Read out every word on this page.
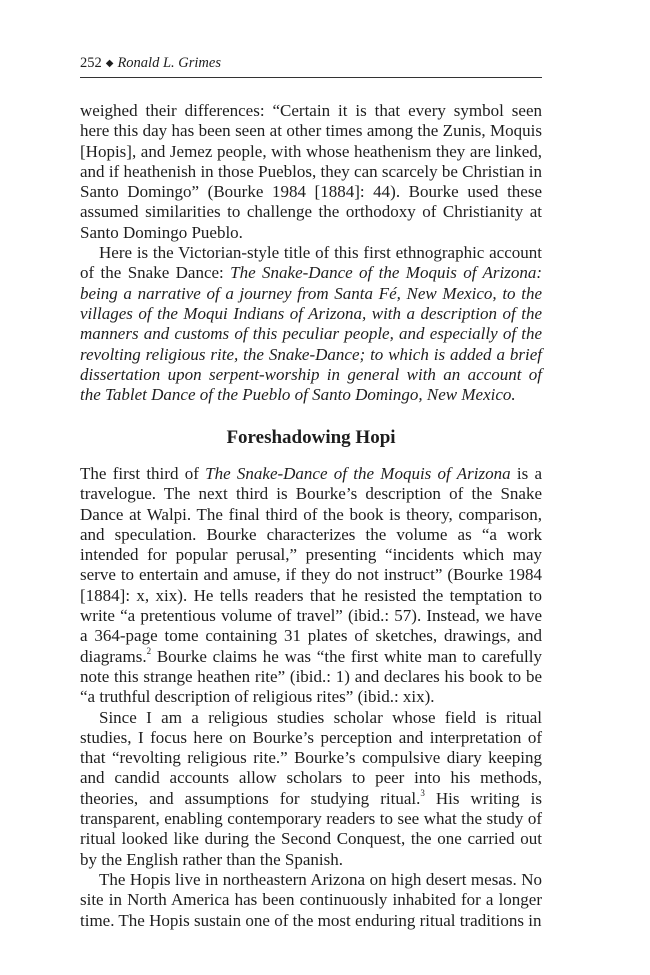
252 ◆ Ronald L. Grimes

weighed their differences: “Certain it is that every symbol seen here this day has been seen at other times among the Zunis, Moquis [Hopis], and Jemez people, with whose heathenism they are linked, and if heathenish in those Pueblos, they can scarcely be Christian in Santo Domingo” (Bourke 1984 [1884]: 44). Bourke used these assumed similarities to challenge the orthodoxy of Christianity at Santo Domingo Pueblo.

Here is the Victorian-style title of this first ethnographic account of the Snake Dance: The Snake-Dance of the Moquis of Arizona: being a narrative of a journey from Santa Fé, New Mexico, to the villages of the Moqui Indians of Arizona, with a description of the manners and customs of this peculiar people, and especially of the revolting religious rite, the Snake-Dance; to which is added a brief dissertation upon serpent-worship in general with an account of the Tablet Dance of the Pueblo of Santo Domingo, New Mexico.

Foreshadowing Hopi

The first third of The Snake-Dance of the Moquis of Arizona is a travelogue. The next third is Bourke’s description of the Snake Dance at Walpi. The final third of the book is theory, comparison, and speculation. Bourke characterizes the volume as “a work intended for popular perusal,” presenting “incidents which may serve to entertain and amuse, if they do not instruct” (Bourke 1984 [1884]: x, xix). He tells readers that he resisted the temptation to write “a pretentious volume of travel” (ibid.: 57). Instead, we have a 364-page tome containing 31 plates of sketches, drawings, and diagrams.$^2$ Bourke claims he was “the first white man to carefully note this strange heathen rite” (ibid.: 1) and declares his book to be “a truthful description of religious rites” (ibid.: xix).

Since I am a religious studies scholar whose field is ritual studies, I focus here on Bourke’s perception and interpretation of that “revolting religious rite.” Bourke’s compulsive diary keeping and candid accounts allow scholars to peer into his methods, theories, and assumptions for studying ritual.$^3$ His writing is transparent, enabling contemporary readers to see what the study of ritual looked like during the Second Conquest, the one carried out by the English rather than the Spanish.

The Hopis live in northeastern Arizona on high desert mesas. No site in North America has been continuously inhabited for a longer time. The Hopis sustain one of the most enduring ritual traditions in
